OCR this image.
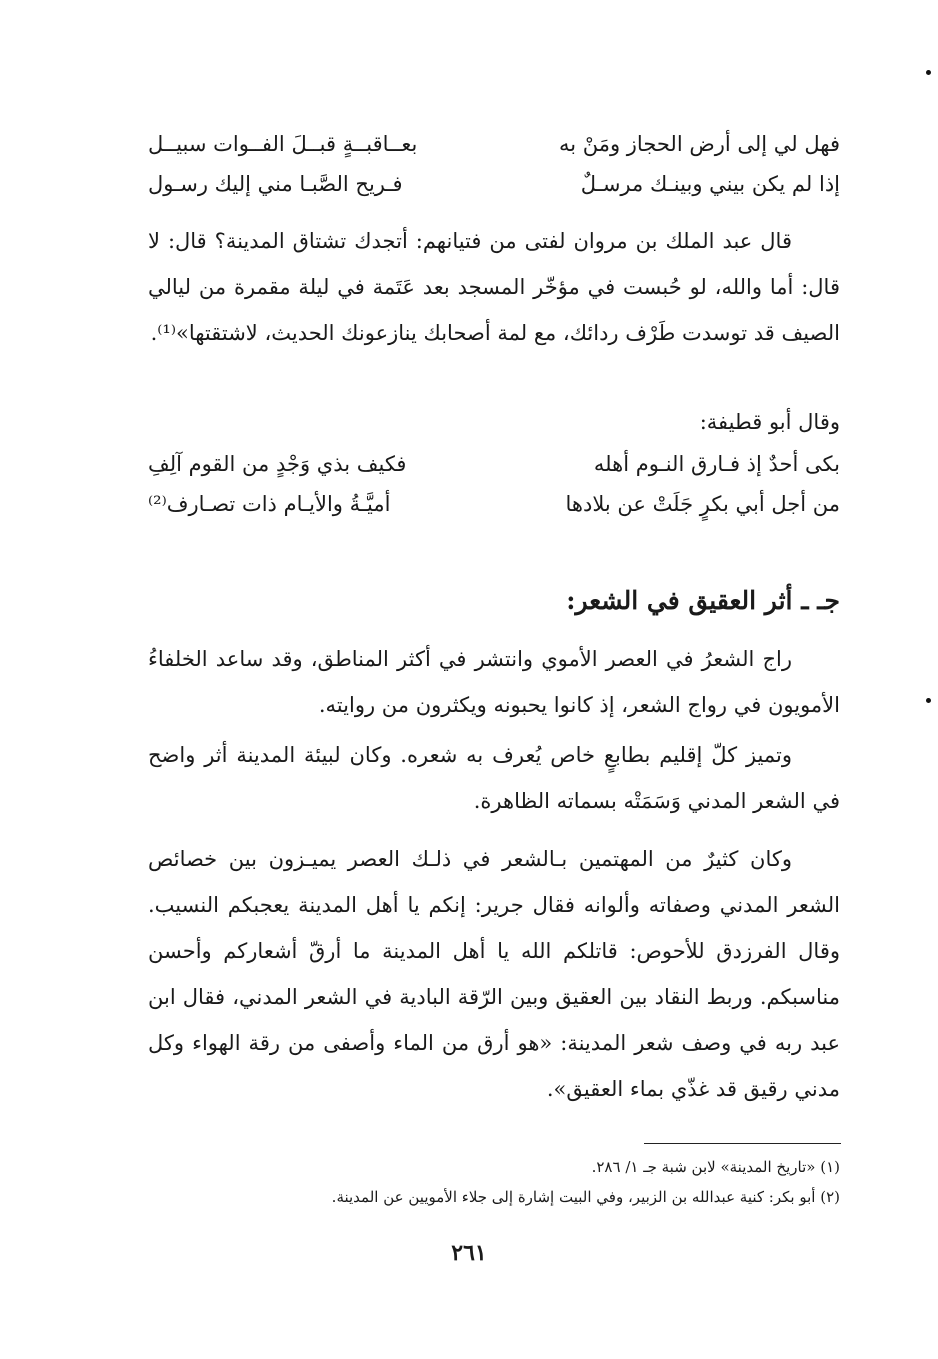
فهل لي إلى أرض الحجاز ومَنْ به
بعــاقبــةٍ قبــلَ الفــوات سبيــل
إذا لم يكن بيني وبينـك مرسـلٌ
فـريح الصَّبـا مني إليك رسـول
قال عبد الملك بن مروان لفتى من فتيانهم: أتجدك تشتاق المدينة؟ قال: لا قال: أما والله، لو حُبست في مؤخّر المسجد بعد عَتَمة في ليلة مقمرة من ليالي الصيف قد توسدت طَرْف ردائك، مع لمة أصحابك ينازعونك الحديث، لاشتقتها»⁽¹⁾.
وقال أبو قطيفة:
بكى أحدٌ إذ فـارق النـوم أهله
فكيف بذي وَجْدٍ من القوم آلِفِ
من أجل أبي بكرٍ جَلَتْ عن بلادها
أميَّـةُ والأيـام ذات تصـارف⁽²⁾
جـ ـ أثر العقيق في الشعر:
راج الشعرُ في العصر الأموي وانتشر في أكثر المناطق، وقد ساعد الخلفاءُ الأمويون في رواج الشعر، إذ كانوا يحبونه ويكثرون من روايته.
وتميز كلّ إقليم بطابعٍ خاص يُعرف به شعره. وكان لبيئة المدينة أثر واضح في الشعر المدني وَسَمَتْه بسماته الظاهرة.
وكان كثيرٌ من المهتمين بـالشعر في ذلـك العصر يميـزون بين خصائص الشعر المدني وصفاته وألوانه فقال جرير: إنكم يا أهل المدينة يعجبكم النسيب. وقال الفرزدق للأحوص: قاتلكم الله يا أهل المدينة ما أرقّ أشعاركم وأحسن مناسبكم. وربط النقاد بين العقيق وبين الرّقة البادية في الشعر المدني، فقال ابن عبد ربه في وصف شعر المدينة: «هو أرق من الماء وأصفى من رقة الهواء وكل مدني رقيق قد غذّي بماء العقيق».
(١) «تاريخ المدينة» لابن شبة جـ ١/ ٢٨٦.
(٢) أبو بكر: كنية عبدالله بن الزبير، وفي البيت إشارة إلى جلاء الأمويين عن المدينة.
٢٦١
